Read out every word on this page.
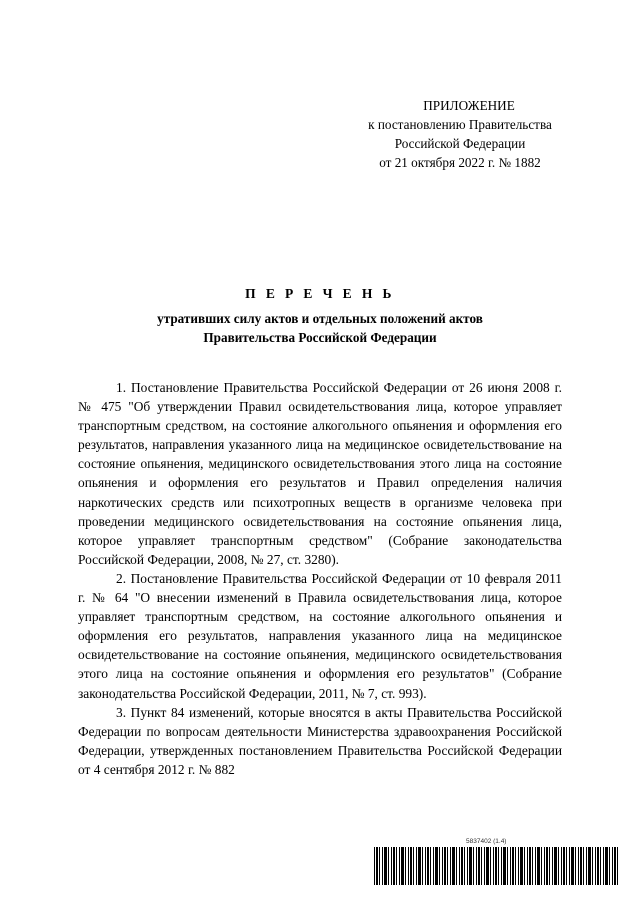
ПРИЛОЖЕНИЕ
к постановлению Правительства
Российской Федерации
от 21 октября 2022 г. № 1882
П Е Р Е Ч Е Н Ь
утративших силу актов и отдельных положений актов
Правительства Российской Федерации

1. Постановление Правительства Российской Федерации от 26 июня 2008 г. № 475 "Об утверждении Правил освидетельствования лица, которое управляет транспортным средством, на состояние алкогольного опьянения и оформления его результатов, направления указанного лица на медицинское освидетельствование на состояние опьянения, медицинского освидетельствования этого лица на состояние опьянения и оформления его результатов и Правил определения наличия наркотических средств или психотропных веществ в организме человека при проведении медицинского освидетельствования на состояние опьянения лица, которое управляет транспортным средством" (Собрание законодательства Российской Федерации, 2008, № 27, ст. 3280).

2. Постановление Правительства Российской Федерации от 10 февраля 2011 г. № 64 "О внесении изменений в Правила освидетельствования лица, которое управляет транспортным средством, на состояние алкогольного опьянения и оформления его результатов, направления указанного лица на медицинское освидетельствование на состояние опьянения, медицинского освидетельствования этого лица на состояние опьянения и оформления его результатов" (Собрание законодательства Российской Федерации, 2011, № 7, ст. 993).

3. Пункт 84 изменений, которые вносятся в акты Правительства Российской Федерации по вопросам деятельности Министерства здравоохранения Российской Федерации, утвержденных постановлением Правительства Российской Федерации от 4 сентября 2012 г. № 882

5837402 (1.4)
